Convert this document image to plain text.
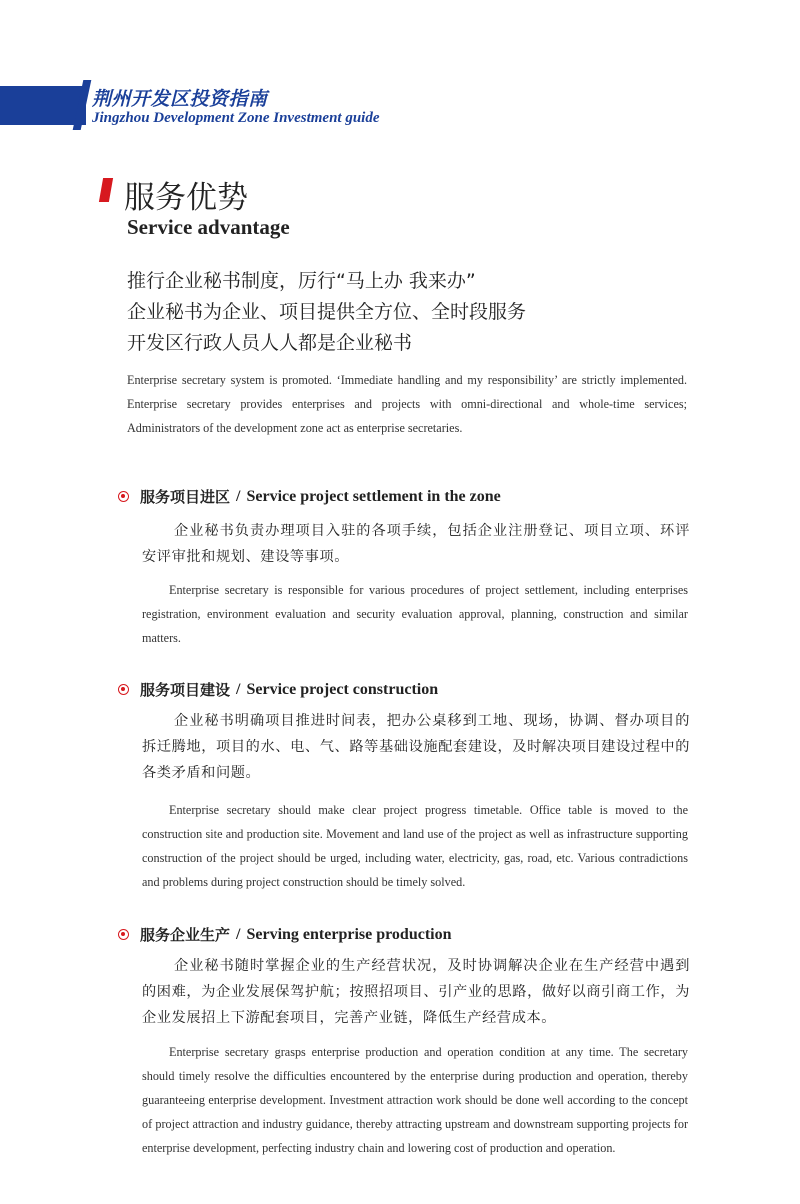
荆州开发区投资指南
Jingzhou Development Zone Investment guide
服务优势
Service advantage
推行企业秘书制度，厉行“马上办 我来办”
企业秘书为企业、项目提供全方位、全时段服务
开发区行政人员人人都是企业秘书
Enterprise secretary system is promoted. ‘Immediate handling and my responsibility’ are strictly implemented. Enterprise secretary provides enterprises and projects with omni-directional and whole-time services; Administrators of the development zone act as enterprise secretaries.
服务项目进区 / Service project settlement in the zone
企业秘书负责办理项目入驻的各项手续，包括企业注册登记、项目立项、环评安评审批和规划、建设等事项。
Enterprise secretary is responsible for various procedures of project settlement, including enterprises registration, environment evaluation and security evaluation approval, planning, construction and similar matters.
服务项目建设 / Service project construction
企业秘书明确项目推进时间表，把办公桌移到工地、现场，协调、督办项目的拆迁腾地，项目的水、电、气、路等基础设施配套建设，及时解决项目建设过程中的各类矛盾和问题。
Enterprise secretary should make clear project progress timetable. Office table is moved to the construction site and production site. Movement and land use of the project as well as infrastructure supporting construction of the project should be urged, including water, electricity, gas, road, etc. Various contradictions and problems during project construction should be timely solved.
服务企业生产 / Serving enterprise production
企业秘书随时掌握企业的生产经营状况，及时协调解决企业在生产经营中遇到的困难，为企业发展保驾护航；按照招项目、引产业的思路，做好以商引商工作，为企业发展招上下游配套项目，完善产业链，降低生产经营成本。
Enterprise secretary grasps enterprise production and operation condition at any time. The secretary should timely resolve the difficulties encountered by the enterprise during production and operation, thereby guaranteeing enterprise development. Investment attraction work should be done well according to the concept of project attraction and industry guidance, thereby attracting upstream and downstream supporting projects for enterprise development, perfecting industry chain and lowering cost of production and operation.
